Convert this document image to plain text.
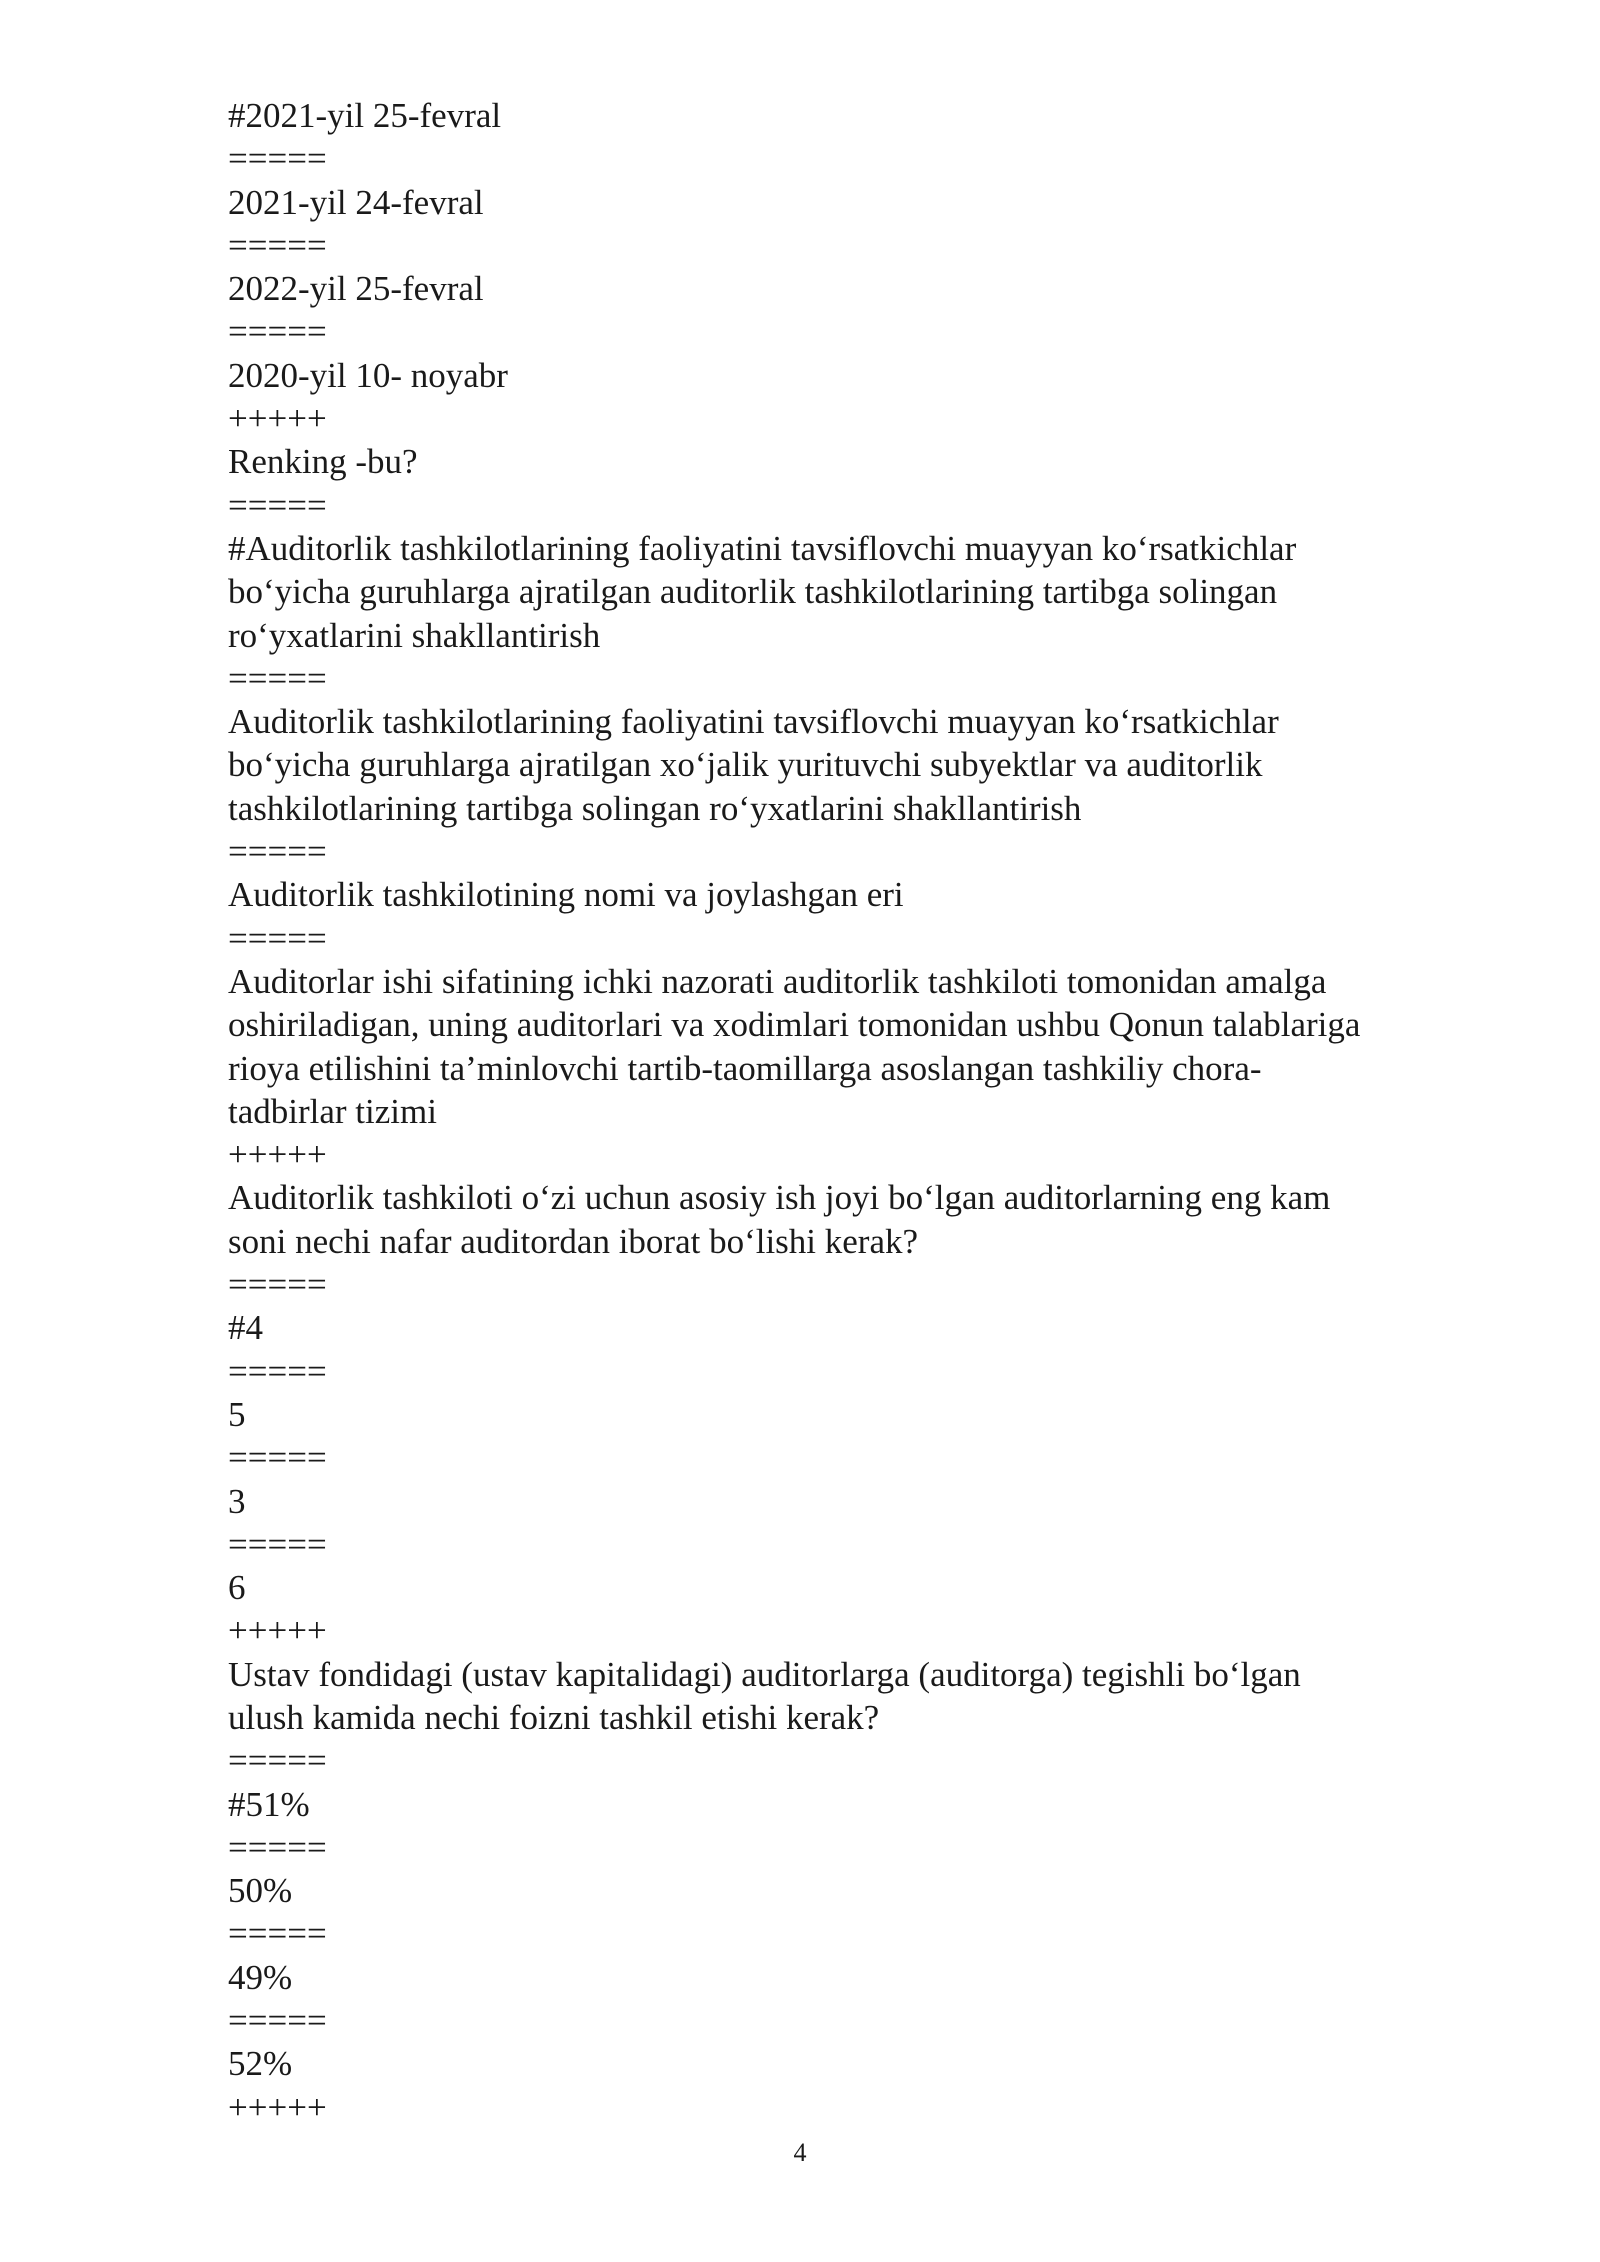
#2021-yil 25-fevral
=====
2021-yil 24-fevral
=====
2022-yil 25-fevral
=====
2020-yil 10- noyabr
+++++
Renking -bu?
=====
#Auditorlik tashkilotlarining faoliyatini tavsiflovchi muayyan ko‘rsatkichlar
bo‘yicha guruhlarga ajratilgan auditorlik tashkilotlarining tartibga solingan
ro‘yxatlarini shakllantirish
=====
Auditorlik tashkilotlarining faoliyatini tavsiflovchi muayyan ko‘rsatkichlar
bo‘yicha guruhlarga ajratilgan xo‘jalik yurituvchi subyektlar va auditorlik
tashkilotlarining tartibga solingan ro‘yxatlarini shakllantirish
=====
Auditorlik tashkilotining nomi va joylashgan eri
=====
Auditorlar ishi sifatining ichki nazorati auditorlik tashkiloti tomonidan amalga
oshiriladigan, uning auditorlari va xodimlari tomonidan ushbu Qonun talablariga
rioya etilishini ta’minlovchi tartib-taomillarga asoslangan tashkiliy chora-
tadbirlar tizimi
+++++
Auditorlik tashkiloti o‘zi uchun asosiy ish joyi bo‘lgan auditorlarning eng kam
soni nechi nafar auditordan iborat bo‘lishi kerak?
=====
#4
=====
5
=====
3
=====
6
+++++
Ustav fondidagi (ustav kapitalidagi) auditorlarga (auditorga) tegishli bo‘lgan
ulush kamida nechi foizni tashkil etishi kerak?
=====
#51%
=====
50%
=====
49%
=====
52%
+++++
4
